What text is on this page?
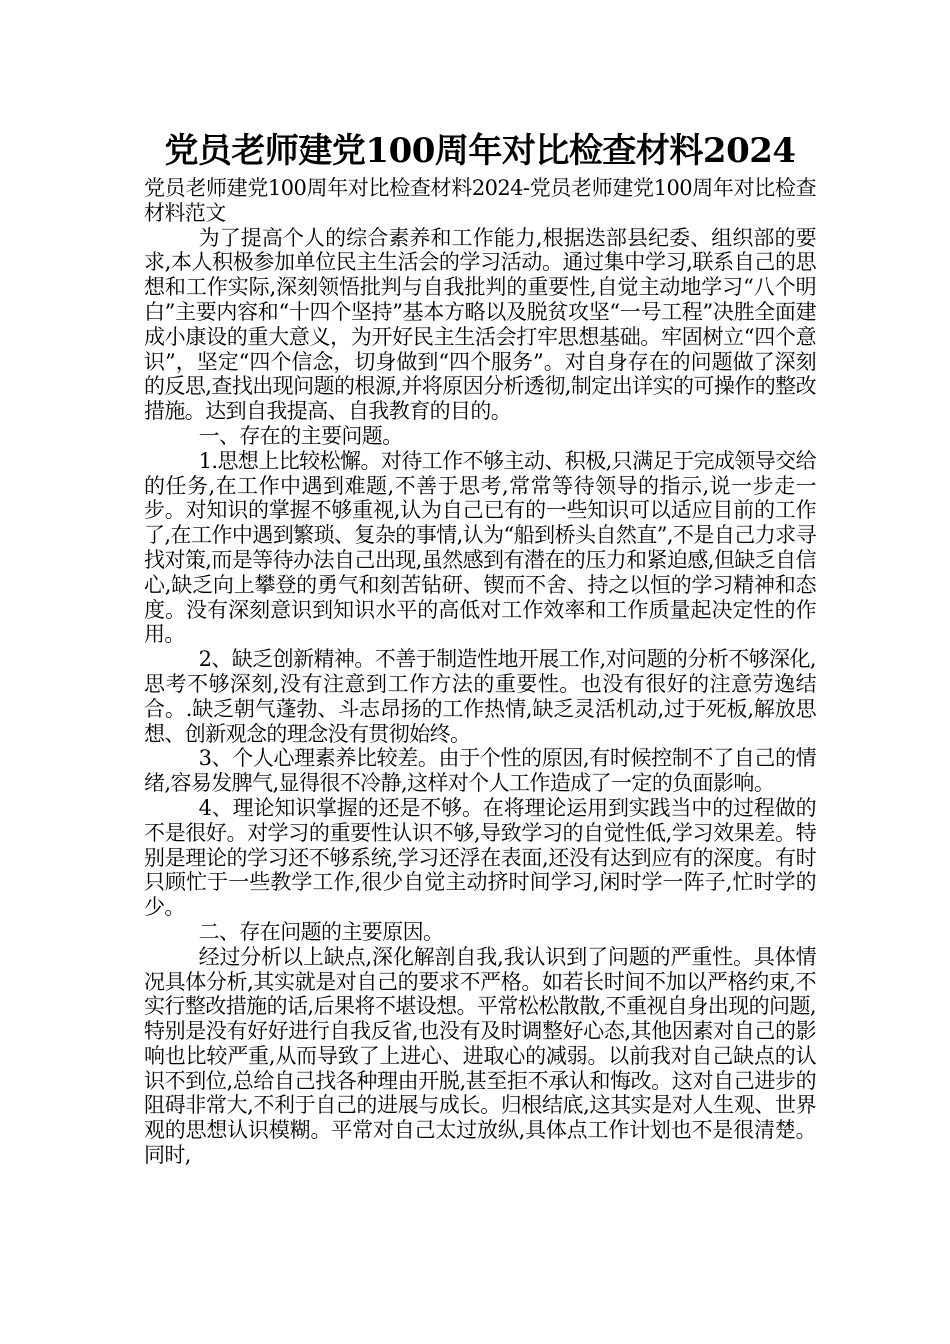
党员老师建党100周年对比检查材料2024

党员老师建党100周年对比检查材料2024-党员老师建党100周年对比检查材料范文

为了提高个人的综合素养和工作能力,根据迭部县纪委、组织部的要求,本人积极参加单位民主生活会的学习活动。通过集中学习,联系自己的思想和工作实际,深刻领悟批判与自我批判的重要性,自觉主动地学习“八个明白”主要内容和“十四个坚持”基本方略以及脱贫攻坚“一号工程”决胜全面建成小康设的重大意义，为开好民主生活会打牢思想基础。牢固树立“四个意识”，坚定“四个信念，切身做到“四个服务”。对自身存在的问题做了深刻的反思,查找出现问题的根源,并将原因分析透彻,制定出详实的可操作的整改措施。达到自我提高、自我教育的目的。

一、存在的主要问题。

1.思想上比较松懈。对待工作不够主动、积极,只满足于完成领导交给的任务,在工作中遇到难题,不善于思考,常常等待领导的指示,说一步走一步。对知识的掌握不够重视,认为自己已有的一些知识可以适应目前的工作了,在工作中遇到繁琐、复杂的事情,认为“船到桥头自然直”,不是自己力求寻找对策,而是等待办法自己出现,虽然感到有潜在的压力和紧迫感,但缺乏自信心,缺乏向上攀登的勇气和刻苦钻研、锲而不舍、持之以恒的学习精神和态度。没有深刻意识到知识水平的高低对工作效率和工作质量起决定性的作用。

2、缺乏创新精神。不善于制造性地开展工作,对问题的分析不够深化,思考不够深刻,没有注意到工作方法的重要性。也没有很好的注意劳逸结合。.缺乏朝气蓬勃、斗志昂扬的工作热情,缺乏灵活机动,过于死板,解放思想、创新观念的理念没有贯彻始终。

3、个人心理素养比较差。由于个性的原因,有时候控制不了自己的情绪,容易发脾气,显得很不冷静,这样对个人工作造成了一定的负面影响。

4、理论知识掌握的还是不够。在将理论运用到实践当中的过程做的不是很好。对学习的重要性认识不够,导致学习的自觉性低,学习效果差。特别是理论的学习还不够系统,学习还浮在表面,还没有达到应有的深度。有时只顾忙于一些教学工作,很少自觉主动挤时间学习,闲时学一阵子,忙时学的少。

二、存在问题的主要原因。

经过分析以上缺点,深化解剖自我,我认识到了问题的严重性。具体情况具体分析,其实就是对自己的要求不严格。如若长时间不加以严格约束,不实行整改措施的话,后果将不堪设想。平常松松散散,不重视自身出现的问题,特别是没有好好进行自我反省,也没有及时调整好心态,其他因素对自己的影响也比较严重,从而导致了上进心、进取心的减弱。以前我对自己缺点的认识不到位,总给自己找各种理由开脱,甚至拒不承认和悔改。这对自己进步的阻碍非常大,不利于自己的进展与成长。归根结底,这其实是对人生观、世界观的思想认识模糊。平常对自己太过放纵,具体点工作计划也不是很清楚。同时,
